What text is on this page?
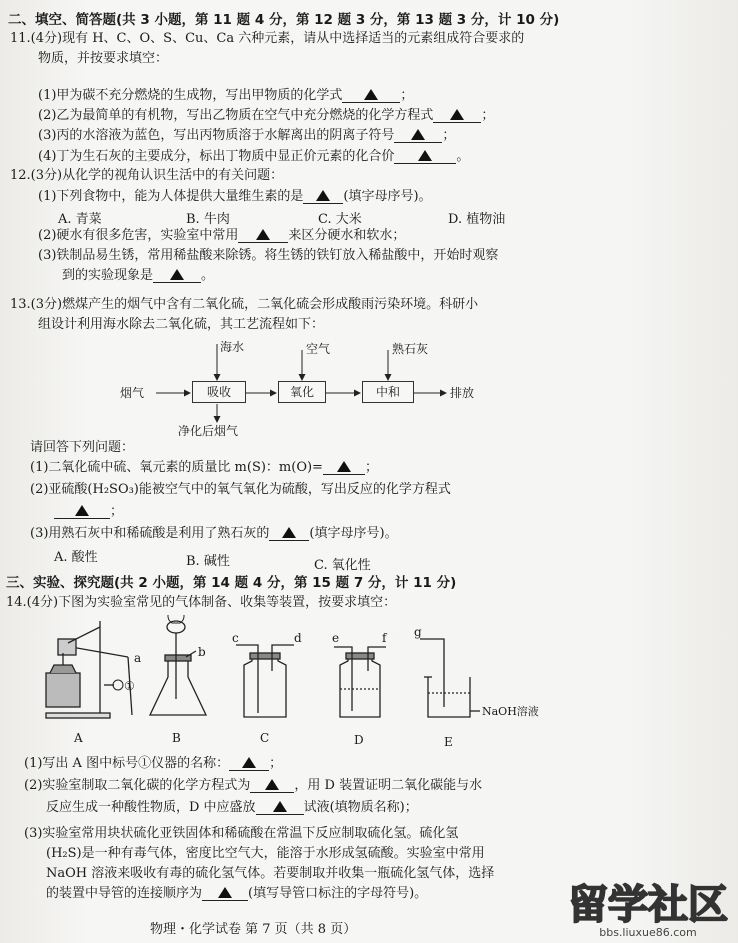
二、填空、简答题(共 3 小题，第 11 题 4 分，第 12 题 3 分，第 13 题 3 分，计 10 分)
11.(4分)现有 H、C、O、S、Cu、Ca 六种元素，请从中选择适当的元素组成符合要求的
物质，并按要求填空：
(1)甲为碳不充分燃烧的生成物，写出甲物质的化学式	；
(2)乙为最简单的有机物，写出乙物质在空气中充分燃烧的化学方程式	；
(3)丙的水溶液为蓝色，写出丙物质溶于水解离出的阴离子符号	；
(4)丁为生石灰的主要成分，标出丁物质中显正价元素的化合价	。
12.(3分)从化学的视角认识生活中的有关问题：
(1)下列食物中，能为人体提供大量维生素的是	(填字母序号)。
A. 青菜	B. 牛肉	C. 大米	D. 植物油
(2)硬水有很多危害，实验室中常用	来区分硬水和软水；
(3)铁制品易生锈，常用稀盐酸来除锈。将生锈的铁钉放入稀盐酸中，开始时观察
到的实验现象是	。
13.(3分)燃煤产生的烟气中含有二氧化硫，二氧化硫会形成酸雨污染环境。科研小
组设计利用海水除去二氧化硫，其工艺流程如下：
海水	空气	熟石灰
烟气	吸收	氧化	中和	排放
净化后烟气
请回答下列问题：
(1)二氧化硫中硫、氧元素的质量比 m(S)：m(O)=	；
(2)亚硫酸(H₂SO₃)能被空气中的氧气氧化为硫酸，写出反应的化学方程式
；
(3)用熟石灰中和稀硫酸是利用了熟石灰的	(填字母序号)。
A. 酸性	B. 碱性	C. 氧化性
三、实验、探究题(共 2 小题，第 14 题 4 分，第 15 题 7 分，计 11 分)
14.(4分)下图为实验室常见的气体制备、收集等装置，按要求填空：
a
①
b
c	d	e	f g
NaOH溶液
A	B	C	D	E
(1)写出 A 图中标号①仪器的名称：	；
(2)实验室制取二氧化碳的化学方程式为	，用 D 装置证明二氧化碳能与水
反应生成一种酸性物质，D 中应盛放	试液(填物质名称)；
(3)实验室常用块状硫化亚铁固体和稀硫酸在常温下反应制取硫化氢。硫化氢
(H₂S)是一种有毒气体，密度比空气大，能溶于水形成氢硫酸。实验室中常用
NaOH 溶液来吸收有毒的硫化氢气体。若要制取并收集一瓶硫化氢气体，选择
的装置中导管的连接顺序为	(填写导管口标注的字母符号)。
物理・化学试卷 第 7 页（共 8 页）
留学社区
bbs.liuxue86.com
